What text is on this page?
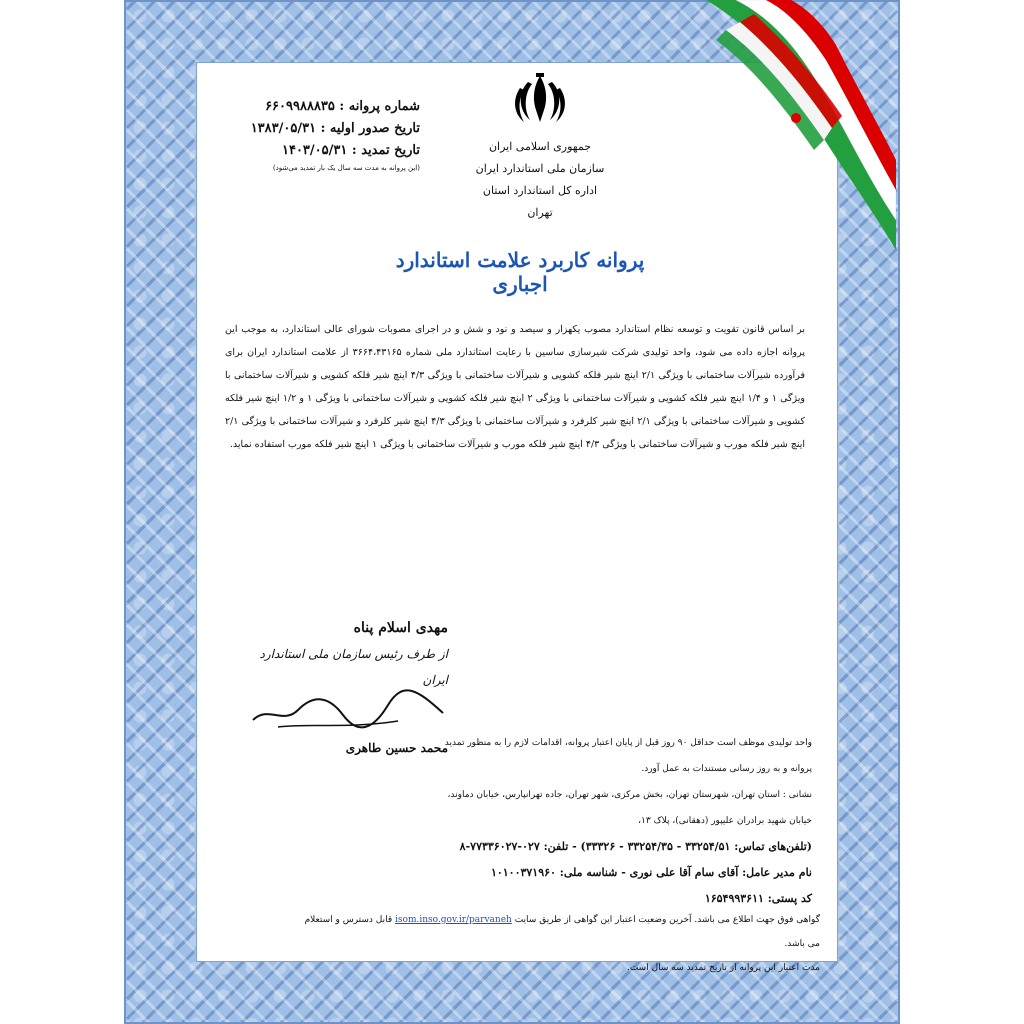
جمهوری اسلامی ایران

سازمان ملی استاندارد ایران

اداره کل استاندارد استان تهران

شماره پروانه : ۶۶۰۹۹۸۸۸۳۵

تاریخ صدور اولیه : ۱۳۸۳/۰۵/۳۱

تاریخ تمدید : ۱۴۰۳/۰۵/۳۱

(این پروانه به مدت سه سال یک بار تمدید می‌شود)

پروانه کاربرد علامت استاندارد اجباری
بر اساس قانون تقویت و توسعه نظام استاندارد مصوب یکهزار و سیصد و نود و شش و در اجرای مصوبات شورای عالی استاندارد، به موجب این پروانه اجازه داده می شود، واحد تولیدی شرکت شیرسازی ساسین با رعایت استاندارد ملی شماره ۳۶۶۴،۴۳۱۶۵ از علامت استاندارد ایران برای فرآورده شیرآلات ساختمانی با ویژگی ۲/۱ اینچ شیر فلکه کشویی و شیرآلات ساختمانی با ویژگی ۴/۳ اینچ شیر فلکه کشویی و شیرآلات ساختمانی با ویژگی ۱ و ۱/۴ اینچ شیر فلکه کشویی و شیرآلات ساختمانی با ویژگی ۲ اینچ شیر فلکه کشویی و شیرآلات ساختمانی با ویژگی ۱ و ۱/۲ اینچ شیر فلکه کشویی و شیرآلات ساختمانی با ویژگی ۲/۱ اینچ شیر کلرفرد و شیرآلات ساختمانی با ویژگی ۴/۳ اینچ شیر کلرفرد و شیرآلات ساختمانی با ویژگی ۲/۱ اینچ شیر فلکه مورب و شیرآلات ساختمانی با ویژگی ۴/۳ اینچ شیر فلکه مورب و شیرآلات ساختمانی با ویژگی ۱ اینچ شیر فلکه مورب استفاده نماید.

مهدی اسلام پناه

از طرف رئیس سازمان ملی استاندارد ایران

محمد حسین طاهری

واحد تولیدی موظف است حداقل ۹۰ روز قبل از پایان اعتبار پروانه، اقدامات لازم را به منظور تمدید پروانه و به روز رسانی مستندات به عمل آورد.

نشانی : استان تهران، شهرستان تهران، بخش مرکزی، شهر تهران، جاده تهرانپارس، خیابان دماوند، خیابان شهید برادران علیپور (دهقانی)، پلاک ۱۳،

(تلفن‌های تماس: ۳۳۲۵۴/۵۱ - ۳۳۲۵۴/۳۵ - ۳۳۳۲۶) - تلفن: ۰۲۷-۷۷۳۳۶۰۲۷-۸

نام مدیر عامل: آقای سام آقا علی نوری - شناسه ملی: ۱۰۱۰۰۳۷۱۹۶۰

کد پستی: ۱۶۵۴۹۹۳۶۱۱

گواهی فوق جهت اطلاع می باشد. آخرین وضعیت اعتبار این گواهی از طریق سایت isom.inso.gov.ir/parvaneh قابل دسترس و استعلام می باشد.

مدت اعتبار این پروانه از تاریخ تمدید سه سال است.
